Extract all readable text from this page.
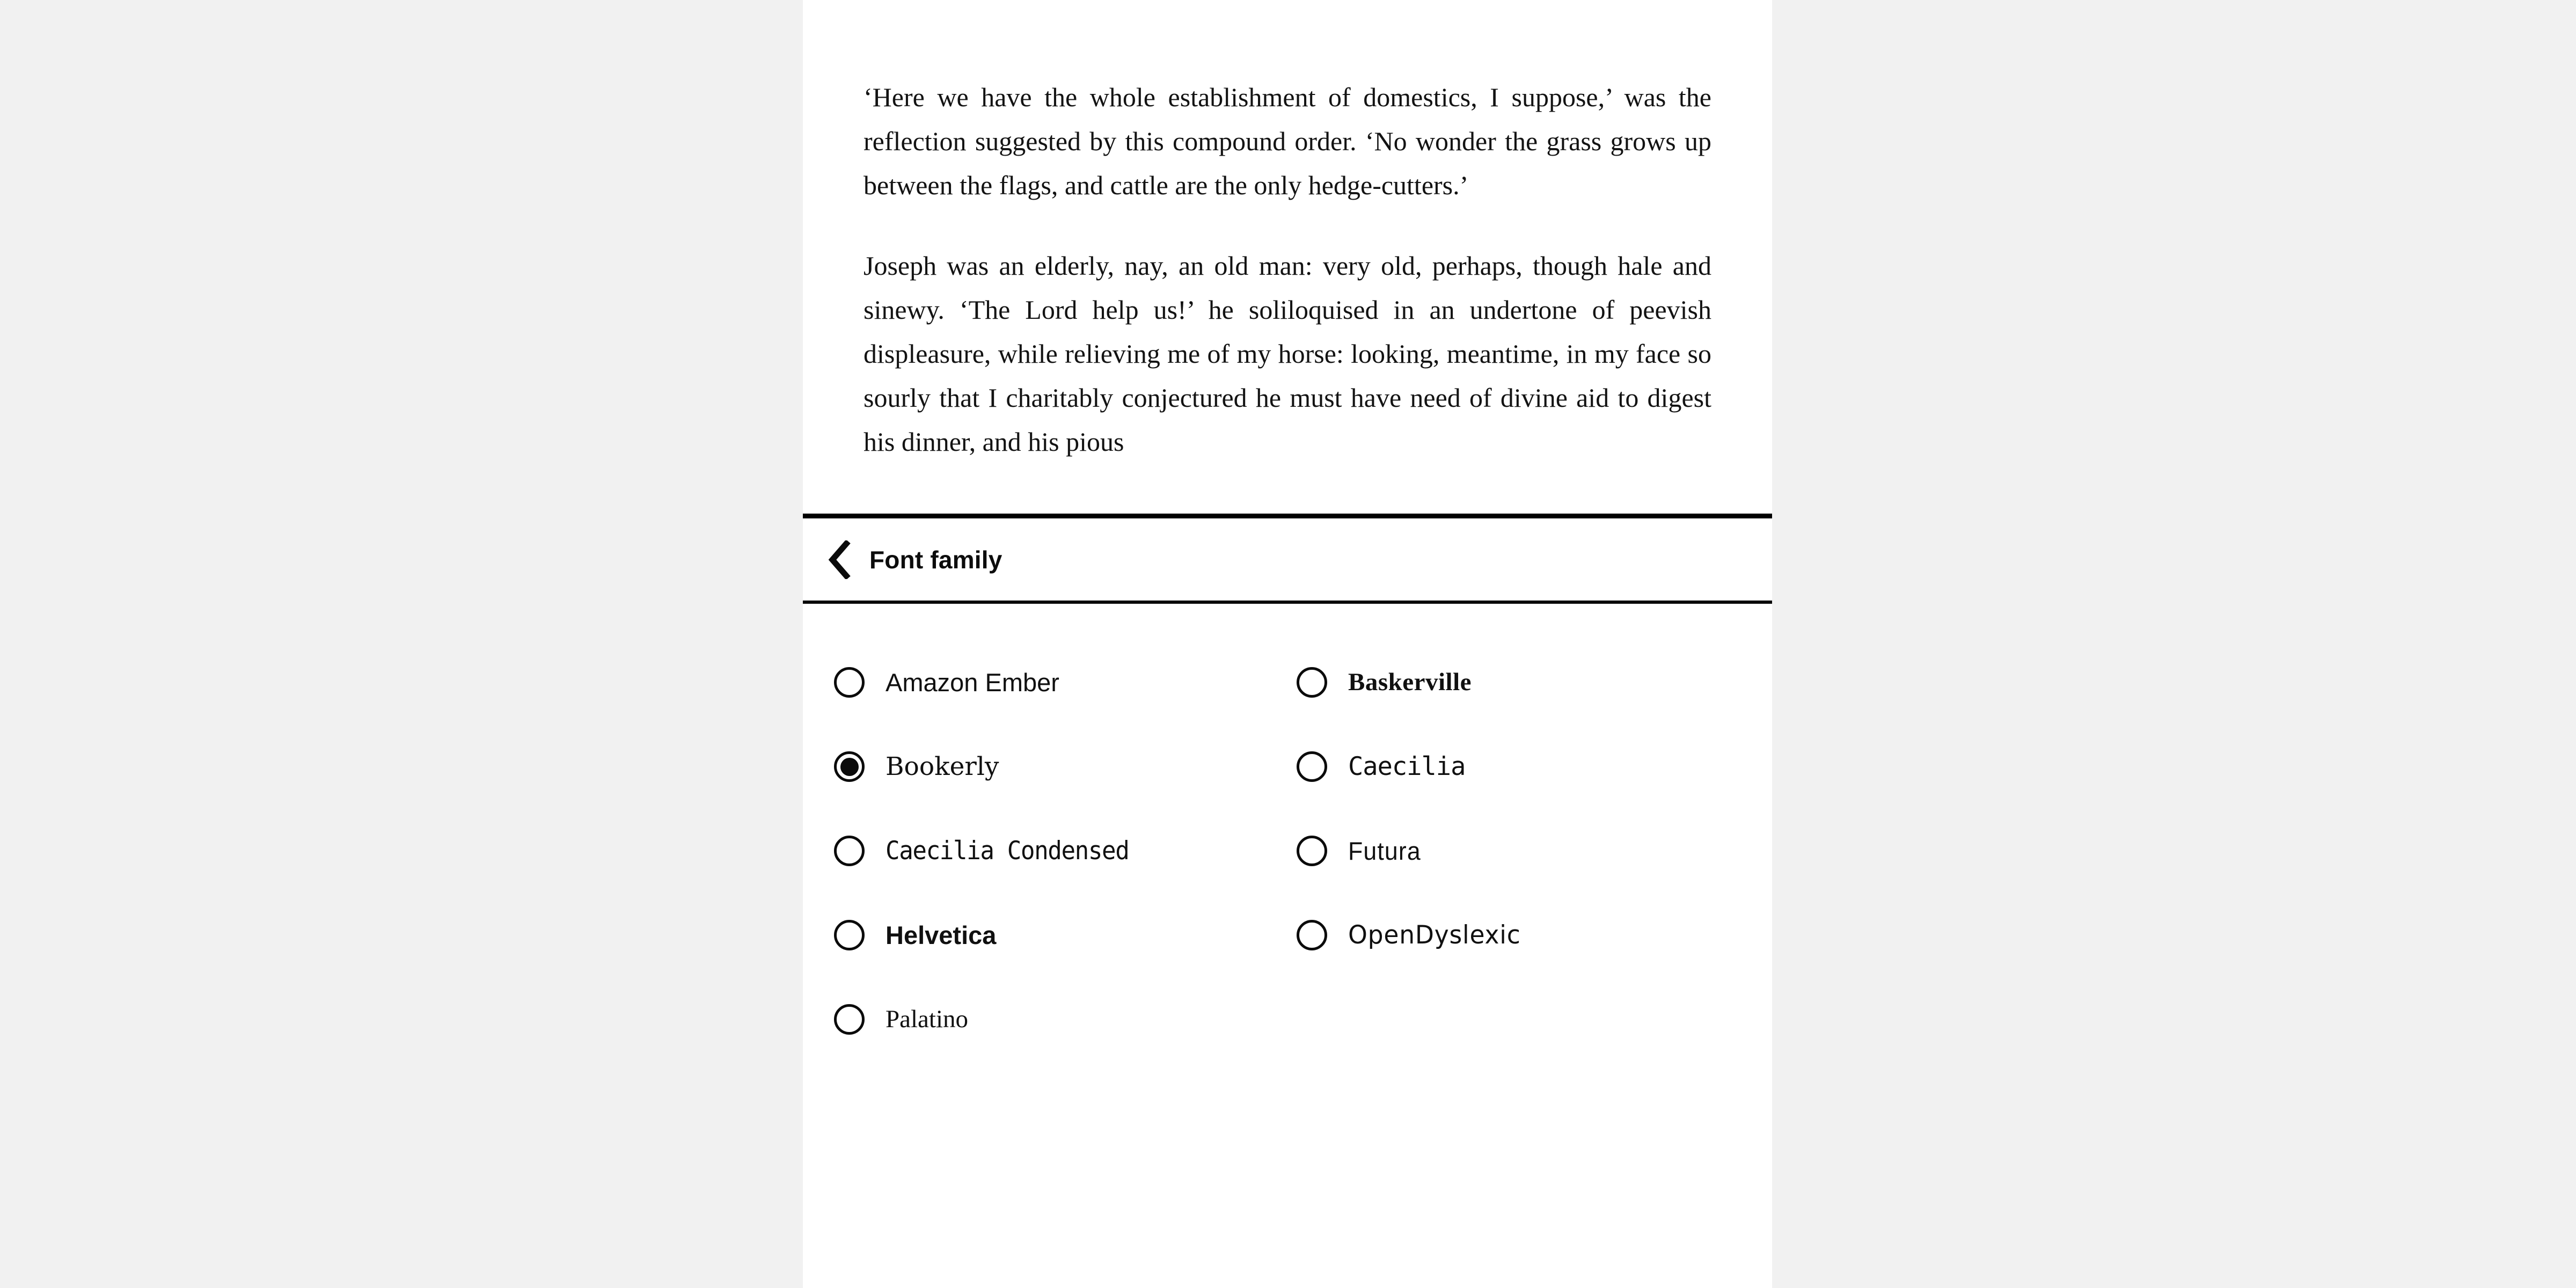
‘Here we have the whole establishment of domestics, I suppose,’ was the reflection suggested by this compound order. ‘No wonder the grass grows up between the flags, and cattle are the only hedge-cutters.’

Joseph was an elderly, nay, an old man: very old, perhaps, though hale and sinewy. ‘The Lord help us!’ he soliloquised in an undertone of peevish displeasure, while relieving me of my horse: looking, meantime, in my face so sourly that I charitably conjectured he must have need of divine aid to digest his dinner, and his pious

Font family
Amazon Ember	Baskerville
Bookerly	Caecilia
Caecilia Condensed	Futura
Helvetica	OpenDyslexic
Palatino
